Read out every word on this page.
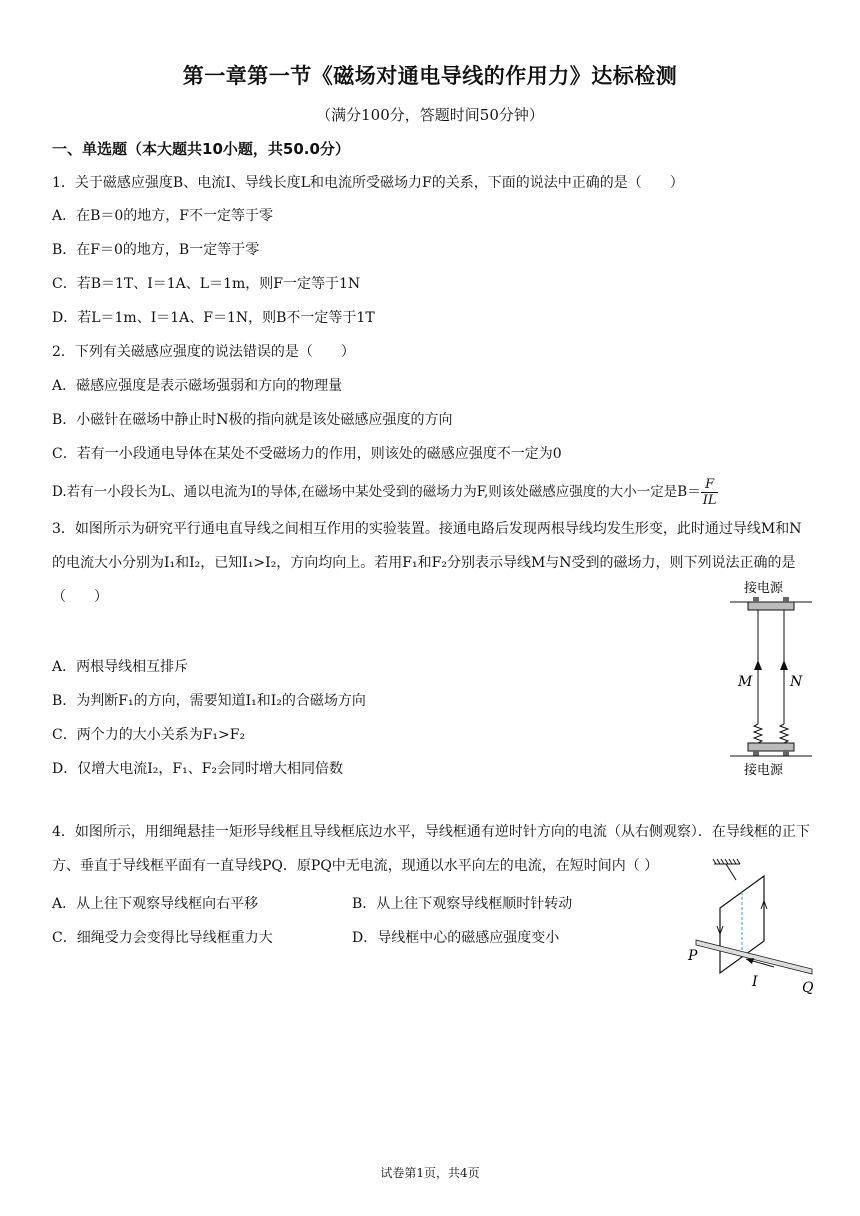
第一章第一节《磁场对通电导线的作用力》达标检测
（满分100分，答题时间50分钟）
一、单选题（本大题共10小题，共50.0分）
1．关于磁感应强度B、电流I、导线长度L和电流所受磁场力F的关系，下面的说法中正确的是（　　）
A．在B＝0的地方，F不一定等于零
B．在F＝0的地方，B一定等于零
C．若B＝1T、I＝1A、L＝1m，则F一定等于1N
D．若L＝1m、I＝1A、F＝1N，则B不一定等于1T
2．下列有关磁感应强度的说法错误的是（　　）
A．磁感应强度是表示磁场强弱和方向的物理量
B．小磁针在磁场中静止时N极的指向就是该处磁感应强度的方向
C．若有一小段通电导体在某处不受磁场力的作用，则该处的磁感应强度不一定为0
D.若有一小段长为L、通以电流为I的导体,在磁场中某处受到的磁场力为F,则该处磁感应强度的大小一定是$B= \frac{F}{IL}$
3．如图所示为研究平行通电直导线之间相互作用的实验装置。接通电路后发现两根导线均发生形变，此时通过导线M和N的电流大小分别为I₁和I₂，已知I₁>I₂，方向均向上。若用F₁和F₂分别表示导线M与N受到的磁场力，则下列说法正确的是（　　）
A．两根导线相互排斥
B．为判断F₁的方向，需要知道I₁和I₂的合磁场方向
C．两个力的大小关系为F₁>F₂
D．仅增大电流I₂，F₁、F₂会同时增大相同倍数
接电源
M	N
接电源
4．如图所示，用细绳悬挂一矩形导线框且导线框底边水平，导线框通有逆时针方向的电流（从右侧观察）．在导线框的正下方、垂直于导线框平面有一直导线PQ．原PQ中无电流，现通以水平向左的电流，在短时间内（ ）
A．从上往下观察导线框向右平移	B．从上往下观察导线框顺时针转动
C．细绳受力会变得比导线框重力大	D．导线框中心的磁感应强度变小
P
Q
I
试卷第1页，共4页
